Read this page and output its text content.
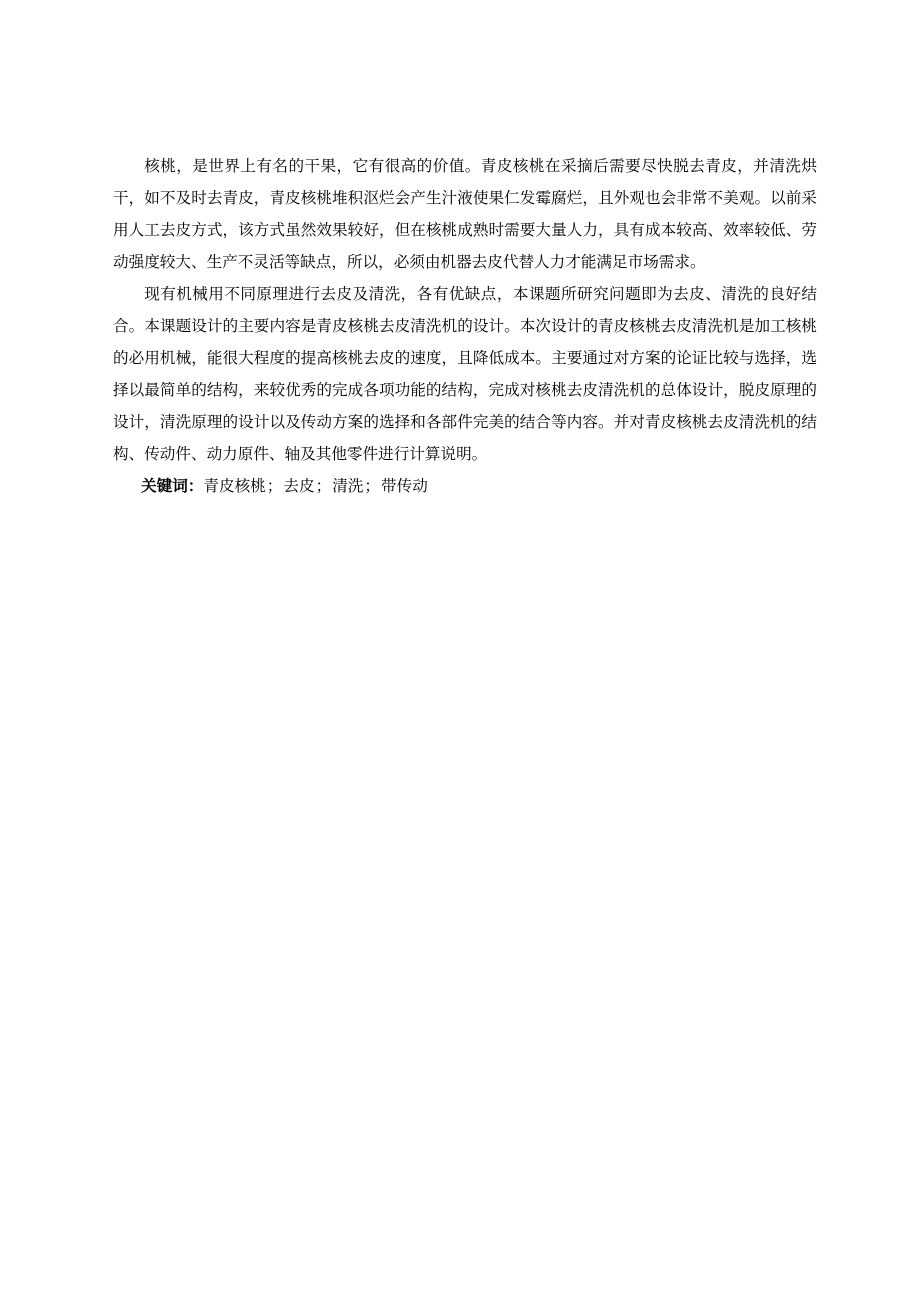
核桃，是世界上有名的干果，它有很高的价值。青皮核桃在采摘后需要尽快脱去青皮，并清洗烘干，如不及时去青皮，青皮核桃堆积沤烂会产生汁液使果仁发霉腐烂，且外观也会非常不美观。以前采用人工去皮方式，该方式虽然效果较好，但在核桃成熟时需要大量人力，具有成本较高、效率较低、劳动强度较大、生产不灵活等缺点，所以，必须由机器去皮代替人力才能满足市场需求。

现有机械用不同原理进行去皮及清洗，各有优缺点，本课题所研究问题即为去皮、清洗的良好结合。本课题设计的主要内容是青皮核桃去皮清洗机的设计。本次设计的青皮核桃去皮清洗机是加工核桃的必用机械，能很大程度的提高核桃去皮的速度，且降低成本。主要通过对方案的论证比较与选择，选择以最简单的结构，来较优秀的完成各项功能的结构，完成对核桃去皮清洗机的总体设计，脱皮原理的设计，清洗原理的设计以及传动方案的选择和各部件完美的结合等内容。并对青皮核桃去皮清洗机的结构、传动件、动力原件、轴及其他零件进行计算说明。

关键词：青皮核桃；去皮；清洗；带传动
